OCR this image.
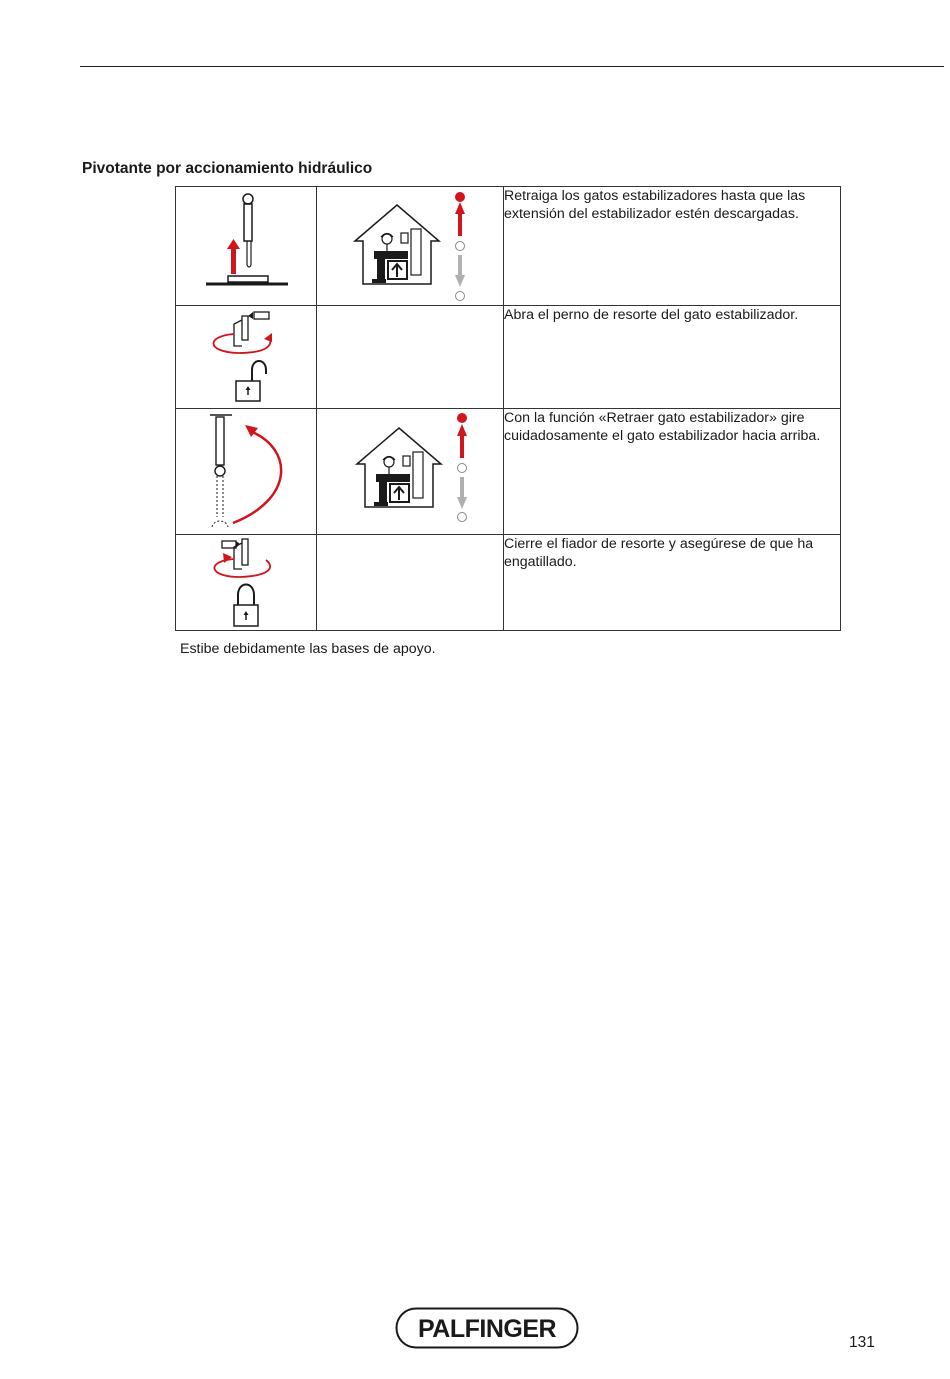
Pivotante por accionamiento hidráulico

	Retraiga los gatos estabilizadores hasta que las extensión del estabilizador estén descargadas.

		Abra el perno de resorte del gato estabilizador.

	Con la función «Retraer gato estabilizador» gire cuidadosamente el gato estabilizador hacia arriba.

		Cierre el fiador de resorte y asegúrese de que ha engatillado.
Estibe debidamente las bases de apoyo.
PALFINGER	131
